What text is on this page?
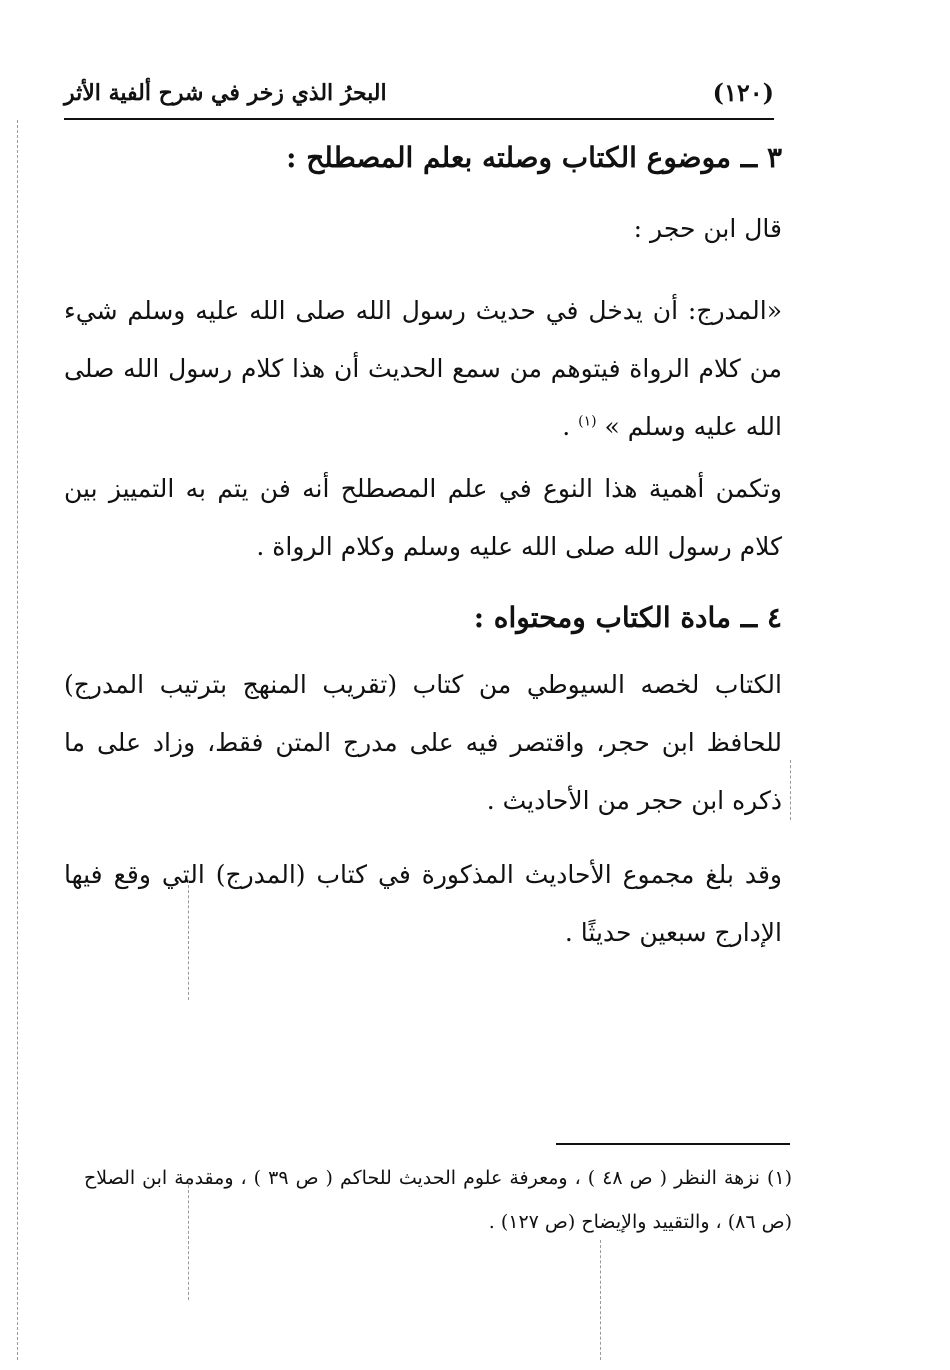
(١٢٠)
البحرُ الذي زخر في شرح ألفية الأثر
٣ ــ موضوع الكتاب وصلته بعلم المصطلح :
قال ابن حجر :
«المدرج: أن يدخل في حديث رسول الله صلى الله عليه وسلم شيء من كلام الرواة فيتوهم من سمع الحديث أن هذا كلام رسول الله صلى الله عليه وسلم » $^{(١)}$ .
وتكمن أهمية هذا النوع في علم المصطلح أنه فن يتم به التمييز بين كلام رسول الله صلى الله عليه وسلم وكلام الرواة .
٤ ــ مادة الكتاب ومحتواه :
الكتاب لخصه السيوطي من كتاب (تقريب المنهج بترتيب المدرج) للحافظ ابن حجر، واقتصر فيه على مدرج المتن فقط، وزاد على ما ذكره ابن حجر من الأحاديث .
وقد بلغ مجموع الأحاديث المذكورة في كتاب (المدرج) التي وقع فيها الإدارج سبعين حديثًا .
(١) نزهة النظر ( ص ٤٨ ) ، ومعرفة علوم الحديث للحاكم ( ص ٣٩ ) ، ومقدمة ابن الصلاح (ص ٨٦) ، والتقييد والإيضاح (ص ١٢٧) .
